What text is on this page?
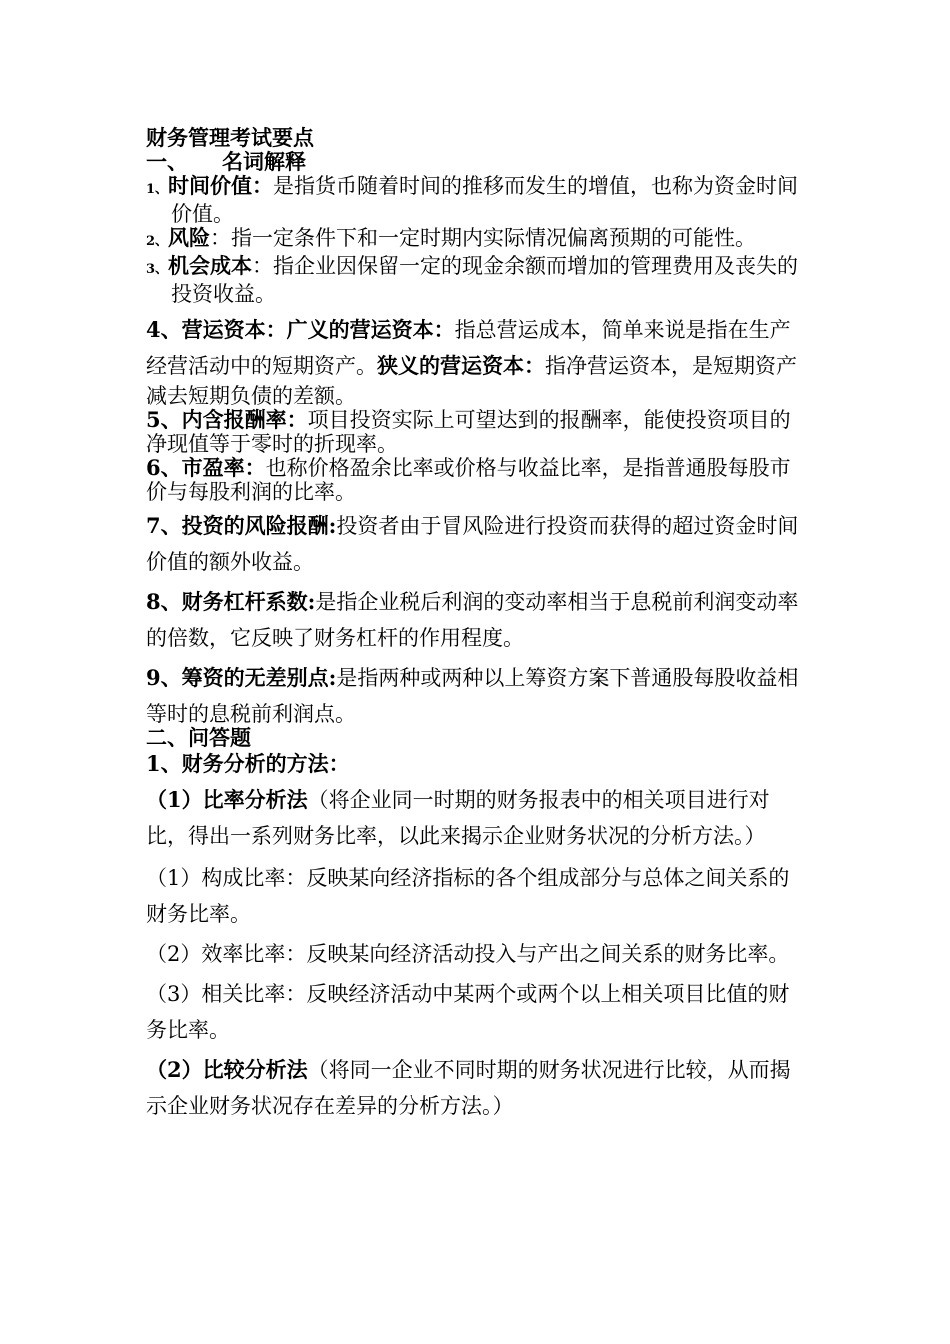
财务管理考试要点

一、 名词解释

1、时间价值：是指货币随着时间的推移而发生的增值，也称为资金时间价值。

2、风险：指一定条件下和一定时期内实际情况偏离预期的可能性。

3、机会成本：指企业因保留一定的现金余额而增加的管理费用及丧失的投资收益。

4、营运资本：广义的营运资本：指总营运成本，简单来说是指在生产经营活动中的短期资产。狭义的营运资本：指净营运资本，是短期资产减去短期负债的差额。

5、内含报酬率：项目投资实际上可望达到的报酬率，能使投资项目的净现值等于零时的折现率。

6、市盈率：也称价格盈余比率或价格与收益比率，是指普通股每股市价与每股利润的比率。

7、投资的风险报酬:投资者由于冒风险进行投资而获得的超过资金时间价值的额外收益。

8、财务杠杆系数:是指企业税后利润的变动率相当于息税前利润变动率的倍数，它反映了财务杠杆的作用程度。

9、筹资的无差别点:是指两种或两种以上筹资方案下普通股每股收益相等时的息税前利润点。

二、问答题

1、财务分析的方法：

（1）比率分析法（将企业同一时期的财务报表中的相关项目进行对比，得出一系列财务比率，以此来揭示企业财务状况的分析方法。）

（1）构成比率：反映某向经济指标的各个组成部分与总体之间关系的财务比率。

（2）效率比率：反映某向经济活动投入与产出之间关系的财务比率。

（3）相关比率：反映经济活动中某两个或两个以上相关项目比值的财务比率。

（2）比较分析法（将同一企业不同时期的财务状况进行比较，从而揭示企业财务状况存在差异的分析方法。）
